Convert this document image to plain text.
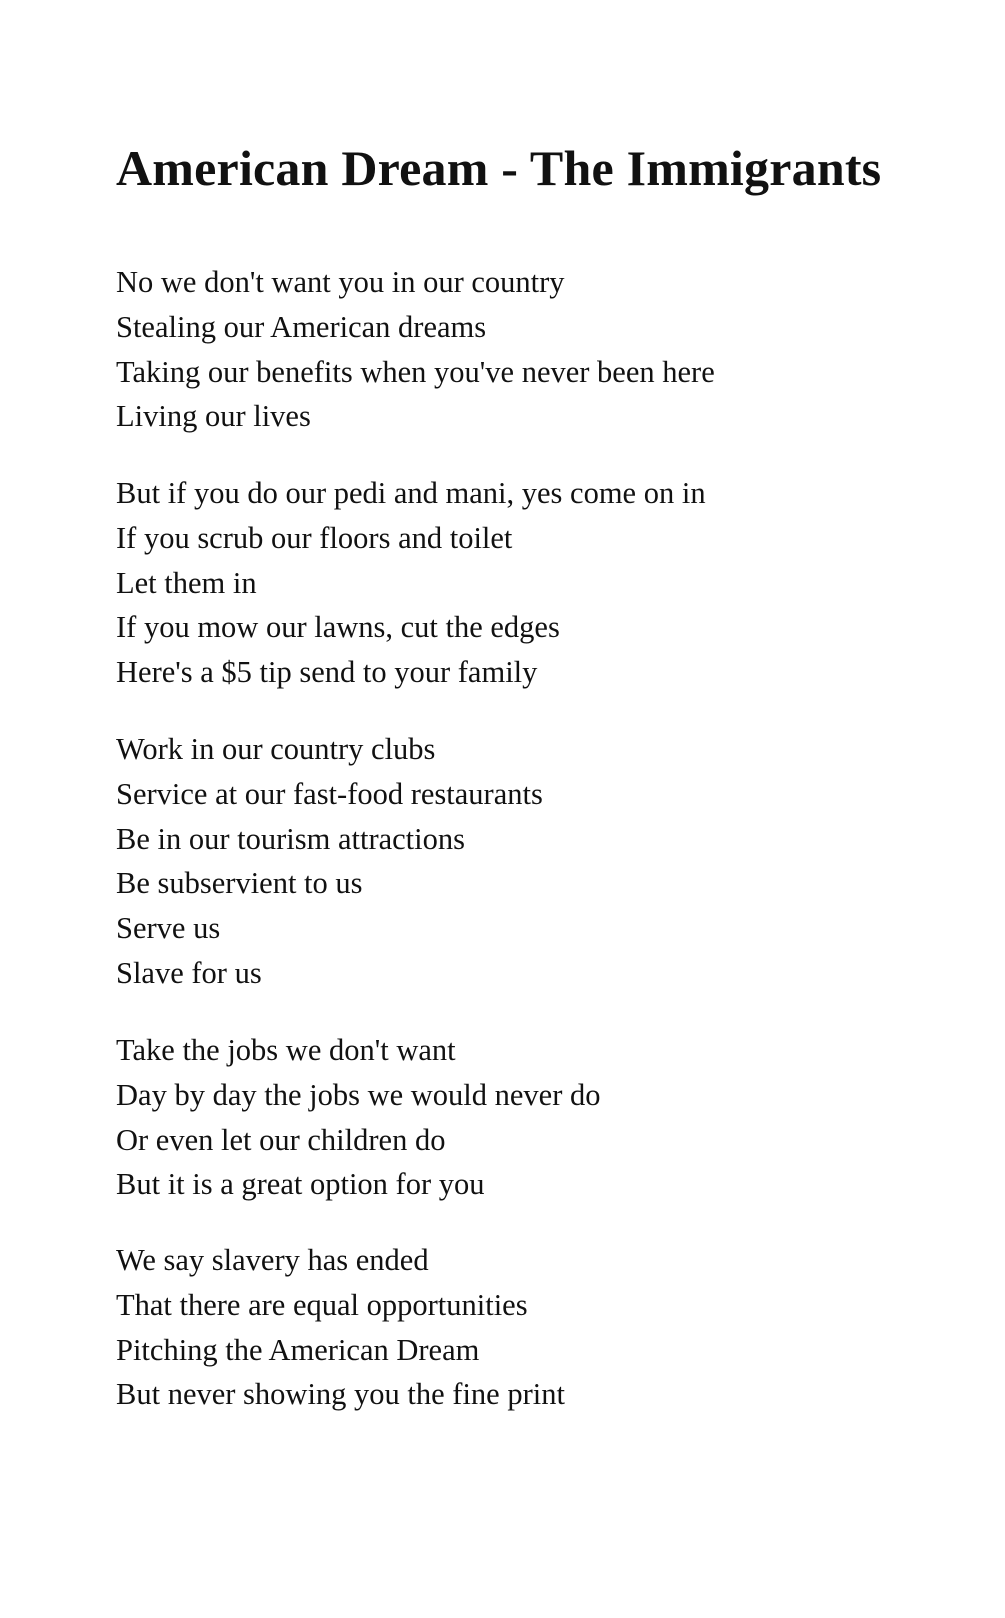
American Dream - The Immigrants
No we don't want you in our country
Stealing our American dreams
Taking our benefits when you've never been here
Living our lives
But if you do our pedi and mani, yes come on in
If you scrub our floors and toilet
Let them in
If you mow our lawns, cut the edges
Here's a $5 tip send to your family
Work in our country clubs
Service at our fast-food restaurants
Be in our tourism attractions
Be subservient to us
Serve us
Slave for us
Take the jobs we don't want
Day by day the jobs we would never do
Or even let our children do
But it is a great option for you
We say slavery has ended
That there are equal opportunities
Pitching the American Dream
But never showing you the fine print
